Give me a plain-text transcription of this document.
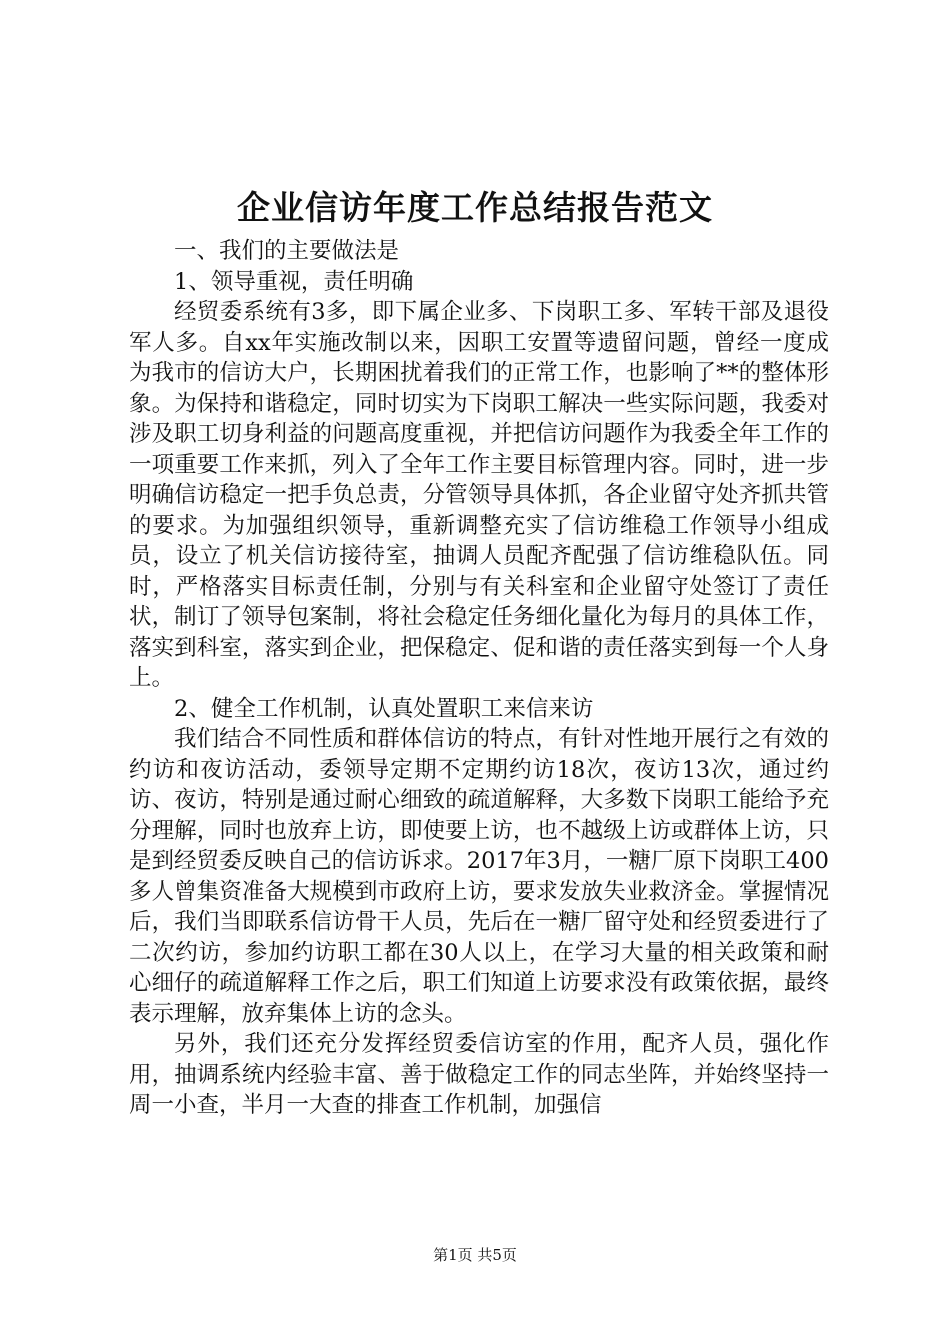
企业信访年度工作总结报告范文

一、我们的主要做法是

1、领导重视，责任明确

经贸委系统有3多，即下属企业多、下岗职工多、军转干部及退役军人多。自xx年实施改制以来，因职工安置等遗留问题，曾经一度成为我市的信访大户，长期困扰着我们的正常工作，也影响了**的整体形象。为保持和谐稳定，同时切实为下岗职工解决一些实际问题，我委对涉及职工切身利益的问题高度重视，并把信访问题作为我委全年工作的一项重要工作来抓，列入了全年工作主要目标管理内容。同时，进一步明确信访稳定一把手负总责，分管领导具体抓，各企业留守处齐抓共管的要求。为加强组织领导，重新调整充实了信访维稳工作领导小组成员，设立了机关信访接待室，抽调人员配齐配强了信访维稳队伍。同时，严格落实目标责任制，分别与有关科室和企业留守处签订了责任状，制订了领导包案制，将社会稳定任务细化量化为每月的具体工作，落实到科室，落实到企业，把保稳定、促和谐的责任落实到每一个人身上。

2、健全工作机制，认真处置职工来信来访

我们结合不同性质和群体信访的特点，有针对性地开展行之有效的约访和夜访活动，委领导定期不定期约访18次，夜访13次，通过约访、夜访，特别是通过耐心细致的疏道解释，大多数下岗职工能给予充分理解，同时也放弃上访，即使要上访，也不越级上访或群体上访，只是到经贸委反映自己的信访诉求。2017年3月，一糖厂原下岗职工400多人曾集资准备大规模到市政府上访，要求发放失业救济金。掌握情况后，我们当即联系信访骨干人员，先后在一糖厂留守处和经贸委进行了二次约访，参加约访职工都在30人以上，在学习大量的相关政策和耐心细仔的疏道解释工作之后，职工们知道上访要求没有政策依据，最终表示理解，放弃集体上访的念头。

另外，我们还充分发挥经贸委信访室的作用，配齐人员，强化作用，抽调系统内经验丰富、善于做稳定工作的同志坐阵，并始终坚持一周一小查，半月一大查的排查工作机制，加强信

第1页 共5页
